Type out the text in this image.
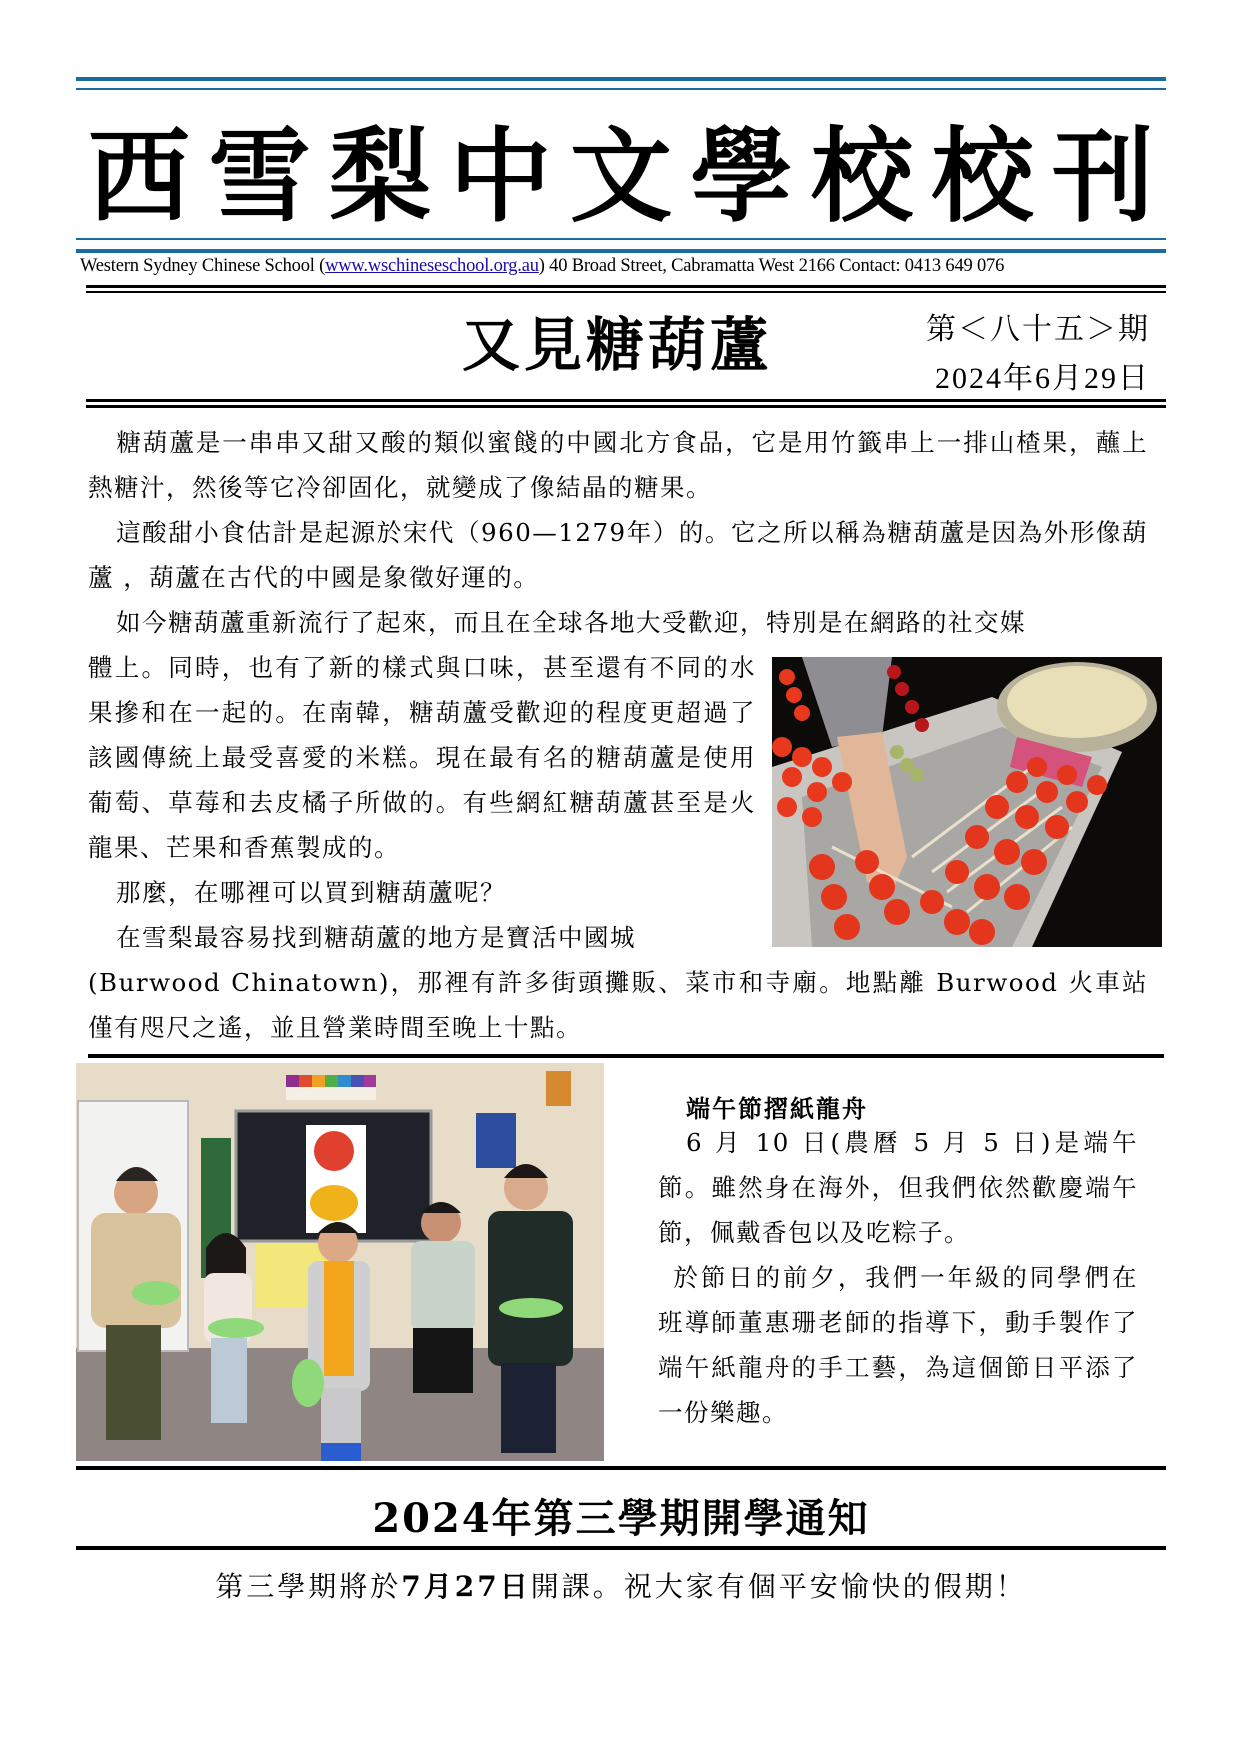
西 雪 梨 中 文 學 校 校 刊
Western Sydney Chinese School (www.wschineseschool.org.au) 40 Broad Street, Cabramatta West 2166 Contact: 0413 649 076
又見糖葫蘆	第＜八十五＞期
2024年6月29日
糖葫蘆是一串串又甜又酸的類似蜜餞的中國北方食品，它是用竹籤串上一排山楂果，蘸上熱糖汁，然後等它冷卻固化，就變成了像結晶的糖果。
這酸甜小食估計是起源於宋代（960—1279年）的。它之所以稱為糖葫蘆是因為外形像葫蘆 ，葫蘆在古代的中國是象徵好運的。
如今糖葫蘆重新流行了起來，而且在全球各地大受歡迎，特別是在網路的社交媒
體上。同時，也有了新的樣式與口味，甚至還有不同的水果摻和在一起的。在南韓，糖葫蘆受歡迎的程度更超過了該國傳統上最受喜愛的米糕。現在最有名的糖葫蘆是使用葡萄、草莓和去皮橘子所做的。有些網紅糖葫蘆甚至是火龍果、芒果和香蕉製成的。
那麼，在哪裡可以買到糖葫蘆呢？
在雪梨最容易找到糖葫蘆的地方是寶活中國城
(Burwood Chinatown)，那裡有許多街頭攤販、菜市和寺廟。地點離 Burwood 火車站僅有咫尺之遙，並且營業時間至晚上十點。
端午節摺紙龍舟
6 月 10 日(農曆 5 月 5 日)是端午節。雖然身在海外，但我們依然歡慶端午節，佩戴香包以及吃粽子。
於節日的前夕，我們一年級的同學們在班導師董惠珊老師的指導下，動手製作了端午紙龍舟的手工藝，為這個節日平添了一份樂趣。
2024年第三學期開學通知
第三學期將於7月27日開課。祝大家有個平安愉快的假期！
